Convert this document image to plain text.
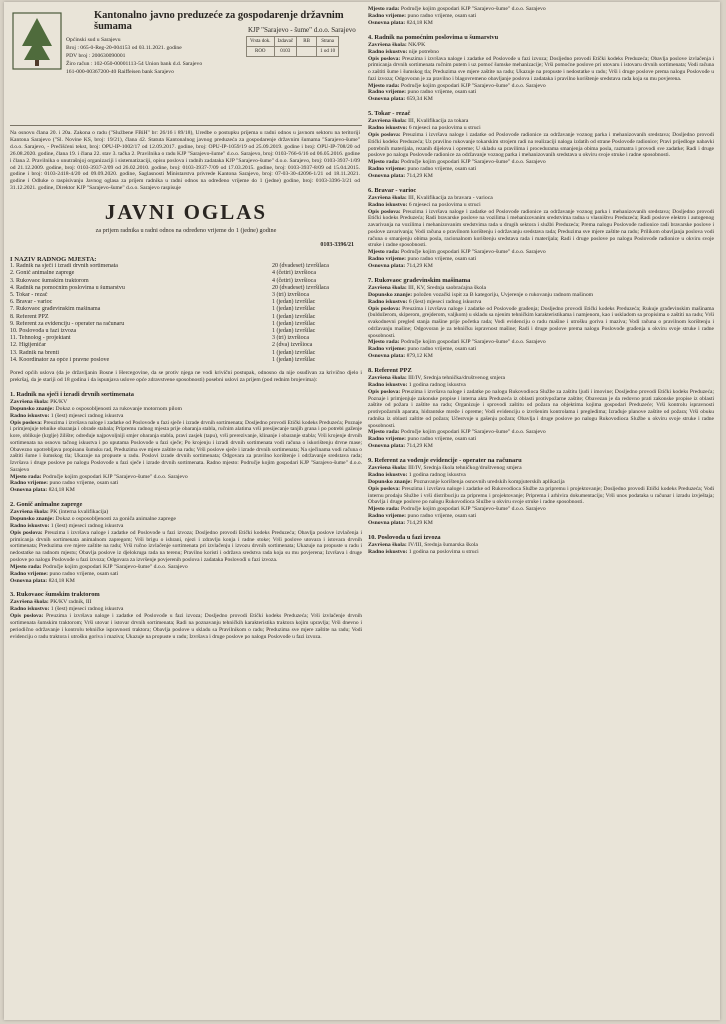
Kantonalno javno preduzeće za gospodarenje državnim šumama	KJP "Sarajevo - šume" d.o.o. Sarajevo
Općinski sud u Sarajevu
Broj : 065-0-Reg-20-004153 od 03.11.2021. godine
PDV broj : 200630090001
Žiro račun : 102-050-00001113-54 Union bank d.d. Sarajevo
161-000-00367200-40 Raiffeisen bank Sarajevo
Vrsta dok.	Izdavač	RB	Strana
ROO	0103		1 od 10
Na osnovu člana 20. i 20a. Zakona o radu ("Službene FBiH" br: 26/16 i 89/18), Uredbe o postupku prijema u radni odnos u javnom sektoru na teritoriji Kantona Sarajevo ("Sl. Novine KS, broj: 19/21), člana 42. Statuta Kantonalnog javnog preduzeća za gospodarenje državnim šumama "Sarajevo-šume" d.o.o. Sarajevo, - Prečišćeni tekst, broj: OPU-IP-1002/17 od 12.09.2017. godine, broj: OPU-IP-1059/19 od 25.09.2019. godine i broj: OPU-IP-708/20 od 26.08.2020. godine, člana 19. i člana 22. stav 3. tačka 2. Pravilnika o radu KJP "Sarajevo-šume" d.o.o. Sarajevo, broj: 0103-766-6/16 od 06.05.2016. godine i člana 2. Pravilnika o unutrašnjoj organizaciji i sistematizaciji, opisu poslova i radnih zadataka KJP "Sarajevo-šume" d.o.o. Sarajevo, broj: 0103-3937-1/09 od 21.12.2009. godine, broj: 0103-3937-2/09 od 26.02.2010. godine, broj: 0103-3937-7/09 od 17.03.2015. godine, broj: 0103-3937-8/09 od 15.04.2015. godine i broj: 0103-2418-4/20 od 09.09.2020. godine, Saglasnosti Ministarstva privrede Kantona Sarajevo, broj: 07-03-30-42096-1/21 od 18.11.2021. godine i Odluke o raspisivanju Javnog oglasa za prijem radnika u radni odnos na određeno vrijeme do 1 (jedne) godine, broj: 0103-3396-3/21 od 31.12.2021. godine, Direktor KJP "Sarajevo-šume" d.o.o. Sarajevo raspisuje
JAVNI OGLAS
za prijem radnika u radni odnos na određeno vrijeme do 1 (jedne) godine
0103-3396/21
I NAZIV RADNOG MJESTA:
1. Radnik na sječi i izradi drvnih sortimenata	20 (dvadeset) izvršilaca
2. Gonič animalne zaprege	4 (četiri) izvršioca
3. Rukovaoc šumskim traktorom	4 (četiri) izvršioca
4. Radnik na pomoćnim poslovima u šumarstvu	20 (dvadeset) izvršilaca
5. Tokar - rezač	3 (tri) izvršioca
6. Bravar - varioc	1 (jedan) izvršilac
7. Rukovaoc građevinskim mašinama	1 (jedan) izvršilac
8. Referent PPZ	1 (jedan) izvršilac
9. Referent za evidenciju - operater na računaru	1 (jedan) izvršilac
10. Poslovođa u fazi izvoza	1 (jedan) izvršilac
11. Tehnolog - projektant	3 (tri) izvršioca
12. Higijeničar	2 (dva) izvršioca
13. Radnik na brenti	1 (jedan) izvršilac
14. Koordinator za opće i pravne poslove	1 (jedan) izvršilac
Pored općih uslova (da je državljanin Bosne i Hercegovine, da se protiv njega ne vodi krivični postupak, odnosno da nije osuđivan za krivično djelo i prekršaj, da je stariji od 18 godina i da ispunjava uslove opće zdravstvene sposobnosti) posebni uslovi za prijem (pod rednim brojevima):
1. Radnik na sječi i izradi drvnih sortimenata
Završena škola: PK/KV
Dopunsko znanje: Dokaz o osposobljenosti za rukovanje motornom pilom
Radno iskustvo: 1 (šest) mjeseci radnog iskustva
Opis poslova: Preuzima i izvršava naloge i zadatke od Poslovođe u fazi sječe i izrade drvnih sortimenata; Dosljedno provodi Etički kodeks Preduzeća; Poznaje i primjenjuje tehnike obaranja i obrade stabala; Pripremu radnog mjesta prije obaranja stabla, ručnim alatima vrši presijecanje tanjih grana i po potrebi gaženje kore, oblikuje (krglje) žilište; određuje najpovoljniji smjer obaranja stabla, pravi zasjek (tapu), vrši prerezivanje, klinanje i obaranje stabla; Vrši krojenje drvnih sortimenata na osnovu tačnog iskustva i po uputama Poslovođe u fazi sječe; Po krojenju i izradi drvnih sortimenata vodi računa o iskorištenju drvne mase; Obavezno upotrebljava propisanu šumsku rad, Preduzima sve mjere zaštite na radu; Vrši poslove sječe i izrade drvnih sortimenata; Na sječinama vodi računa o zaštiti šume i šumskog tla; Ukazuje na propuste u radu. Poslovi izrade drvnih sortimenata; Odgovara za pravilno korištenje i održavanje sredstava rada; Izvršava i druge poslove po nalogu Poslovođe u fazi sječe i izrade drvnih sortimenata. Radno mjesto: Područje kojim gospodari KJP "Sarajevo-šume" d.o.o. Sarajevo
Mjesto rada: Područje kojim gospodari KJP "Sarajevo-šume" d.o.o. Sarajevo
Radno vrijeme: puno radno vrijeme, osam sati
Osnovna plata: 824,18 KM
2. Gonič animalne zaprege
Završena škola: PK (interna kvalifikacija)
Dopunsko znanje: Dokaz o osposobljenosti za goniča animalne zaprege
Radno iskustvo: 1 (šest) mjeseci radnog iskustva
Opis poslova: Preuzima i izvršava naloge i zadatke od Poslovođe u fazi izvoza; Dosljedno provodi Etički kodeks Preduzeća; Obavlja poslove izvlačenja i primicanja drvnih sortimenata animalnom zapregom; Vrši brigu o ishrani, njezi i zdravlju konja i radne stoke; Vrši poslove utovara i istovara drvnih sortimenata; Preduzima sve mjere zaštite na radu; Vrši ručno izvlačenje sortimenata pri izvlačenju i izvozu drvnih sortimenata; Ukazuje na propuste u radu i nedostatke na radnom mjestu; Obavlja poslove iz djelokruga rada na terenu; Pravilno koristi i održava sredstva rada koja su mu povjerena; Izvršava i druge poslove po nalogu Poslovođe u fazi izvoza; Odgovara za izvršenje povjerenih poslova i zadataka Poslovođi u fazi izvoza.
Mjesto rada: Područje kojim gospodari KJP "Sarajevo-šume" d.o.o. Sarajevo
Radno vrijeme: puno radno vrijeme, osam sati
Osnovna plata: 824,18 KM
3. Rukovaoc šumskim traktorom
Završena škola: PK/KV radnik, III
Radno iskustvo: 1 (šest) mjeseci radnog iskustva
Opis poslova: Preuzima i izvršava naloge i zadatke od Poslovođe u fazi izvoza; Dosljedno provodi Etički kodeks Preduzeća; Vrši izvlačenje drvnih sortimenata šumskim traktorom; Vrši utovar i istovar drvnih sortimenata; Radi na poznavanju tehničkih karakteristika traktora kojim upravlja; Vrši dnevno i periodično održavanje i kontrolu tehničke ispravnosti traktora; Obavlja poslove u skladu sa Pravilnikom o radu; Preduzima sve mjere zaštite na radu; Vodi evidenciju o radu traktora i utrošku goriva i maziva; Ukazuje na propuste u radu; Izvršava i druge poslove po nalogu Poslovođe u fazi izvoza.
Mjesto rada: Područje kojim gospodari KJP "Sarajevo-šume" d.o.o. Sarajevo
Radno vrijeme: puno radno vrijeme, osam sati
Osnovna plata: 824,18 KM
4. Radnik na pomoćnim poslovima u šumarstvu
Završena škola: NK/PK
Radno iskustvo: nije potrebno
Opis poslova: Preuzima i izvršava naloge i zadatke od Poslovođe u fazi izvoza; Dosljedno provodi Etički kodeks Preduzeća; Obavlja poslove izvlačenja i primicanja drvnih sortimenata ručnim putem i uz pomoć šumske mehanizacije; Vrši pomoćne poslove pri utovaru i istovaru drvnih sortimenata; Vodi računa o zaštiti šume i šumskog tla; Preduzima sve mjere zaštite na radu; Ukazuje na propuste i nedostatke u radu; Vrši i druge poslove prema nalogu Poslovođe u fazi izvoza; Odgovoran je za pravilno i blagovremeno obavljanje poslova i zadataka i pravilno korištenje sredstava rada koja su mu povjerena.
Mjesto rada: Područje kojim gospodari KJP "Sarajevo-šume" d.o.o. Sarajevo
Radno vrijeme: puno radno vrijeme, osam sati
Osnovna plata: 659,34 KM
5. Tokar - rezač
Završena škola: III, Kvalifikacija za tokara
Radno iskustvo: 6 mjeseci na poslovima u struci
Opis poslova: Preuzima i izvršava naloge i zadatke od Poslovođe radionice za održavanje voznog parka i mehanizovanih sredstava; Dosljedno provodi Etički kodeks Preduzeća; Uz pravilno rukovanje tokarskim strojem radi na realizaciji naloga izdatih od strane Poslovođe radionice; Pravi prijedloge nabavki potrebnih materijala, rezanih dijelova i opreme; U skladu sa pravilima i procedurama smanjenja obima posla, razmatra i provodi sve zadatke; Radi i druge poslove po nalogu Poslovođe radionice za održavanje voznog parka i mehanizovanih sredstava u okviru svoje struke i radne sposobnosti.
Mjesto rada: Područje kojim gospodari KJP "Sarajevo-šume" d.o.o. Sarajevo
Radno vrijeme: puno radno vrijeme, osam sati
Osnovna plata: 714,29 KM
6. Bravar - varioc
Završena škola: III, Kvalifikacija za bravara - varioca
Radno iskustvo: 6 mjeseci na poslovima u struci
Opis poslova: Preuzima i izvršava naloge i zadatke od Poslovođe radionice za održavanje voznog parka i mehanizovanih sredstava; Dosljedno provodi Etički kodeks Preduzeća; Radi bravarske poslove na vozilima i mehanizovanim sredstvima radna u vlasništvu Preduzeća; Radi poslove elektro i autogenog zavarivanja na vozilima i mehanizovanim sredstvima rada u drugih sektora i službi Preduzeća; Prema nalogu Poslovođe radionice radi bravarske poslove i poslove zavarivanja; Vodi računa o pravilnom korištenju i održavanju sredstava rada; Preduzima sve mjere zaštite na radu; Prilikom obavljanja poslova vodi računa o smanjenju obima posla, racionalnom korištenju sredstava rada i materijala; Radi i druge poslove po nalogu Poslovođe radionice u okviru svoje struke i radne sposobnosti.
Mjesto rada: Područje kojim gospodari KJP "Sarajevo-šume" d.o.o. Sarajevo
Radno vrijeme: puno radno vrijeme, osam sati
Osnovna plata: 714,29 KM
7. Rukovaoc građevinskim mašinama
Završena škola: III, KV, Srednja saobraćajna škola
Dopunsko znanje: položen vozački ispit za B kategoriju, Uvjerenje o rukovanju radnom mašinom
Radno iskustvo: 6 (šest) mjeseci radnog iskustva
Opis poslova: Preuzima i izvršava naloge i zadatke od Poslovođe građenja; Dosljedno provodi Etički kodeks Preduzeća; Rukuje građevinskim mašinama (buldožerom, skiperom, grejderom, valjkom) u skladu sa njenim tehničkim karakteristikama i namjenom, kao i uskladom sa propisima o zaštiti na radu; Vrši svakodnevni pregled stanja mašine prije početka rada; Vodi evidenciju o radu mašine i utrošku goriva i maziva; Vodi računa o pravilnom korištenju i održavanju mašine; Odgovoran je za tehničku ispravnost mašine; Radi i druge poslove prema nalogu Poslovođe građenja u okviru svoje struke i radne sposobnosti.
Mjesto rada: Područje kojim gospodari KJP "Sarajevo-šume" d.o.o. Sarajevo
Radno vrijeme: puno radno vrijeme, osam sati
Osnovna plata: 879,12 KM
8. Referent PPZ
Završena škola: III/IV, Srednja tehnička/društvenog smjera
Radno iskustvo: 1 godina radnog iskustva
Opis poslova: Preuzima i izvršava naloge i zadatke po nalogu Rukovodioca Službe za zaštitu ljudi i imovine; Dosljedno provodi Etički kodeks Preduzeća; Poznaje i primjenjuje zakonske propise i interna akta Preduzeća iz oblasti protivpožarne zaštite; Obavezan je da redovno prati zakonske propise iz oblasti zaštite od požara i zaštite na radu; Organizuje i sprovodi zaštitu od požara na objektima kojima gospodari Preduzeće; Vrši kontrolu ispravnosti protivpožarnih aparata, hidrantske mreže i opreme; Vodi evidenciju o izvršenim kontrolama i pregledima; Izrađuje planove zaštite od požara; Vrši obuku radnika iz oblasti zaštite od požara; Učestvuje u gašenju požara; Obavlja i druge poslove po nalogu Rukovodioca Službe u okviru svoje struke i radne sposobnosti.
Mjesto rada: Područje kojim gospodari KJP "Sarajevo-šume" d.o.o. Sarajevo
Radno vrijeme: puno radno vrijeme, osam sati
Osnovna plata: 714,29 KM
9. Referent za vođenje evidencije - operater na računaru
Završena škola: III/IV, Srednja škola tehničkog/društvenog smjera
Radno iskustvo: 1 godina radnog iskustva
Dopunsko znanje: Poznavanje korištenja osnovnih uredskih kompjuterskih aplikacija
Opis poslova: Preuzima i izvršava naloge i zadatke od Rukovodioca Službe za pripremu i projektovanje; Dosljedno provodi Etički kodeks Preduzeća; Vodi internu prodaju Službe i vrši distribuciju za pripremu i projektovanje; Priprema i arhivira dokumentaciju; Vrši unos podataka u računar i izradu izvještaja; Obavlja i druge poslove po nalogu Rukovodioca Službe u okviru svoje struke i radne sposobnosti.
Mjesto rada: Područje kojim gospodari KJP "Sarajevo-šume" d.o.o. Sarajevo
Radno vrijeme: puno radno vrijeme, osam sati
Osnovna plata: 714,29 KM
10. Poslovođa u fazi izvoza
Završena škola: IV/III, Srednja šumarska škola
Radno iskustvo: 1 godina na poslovima u struci
